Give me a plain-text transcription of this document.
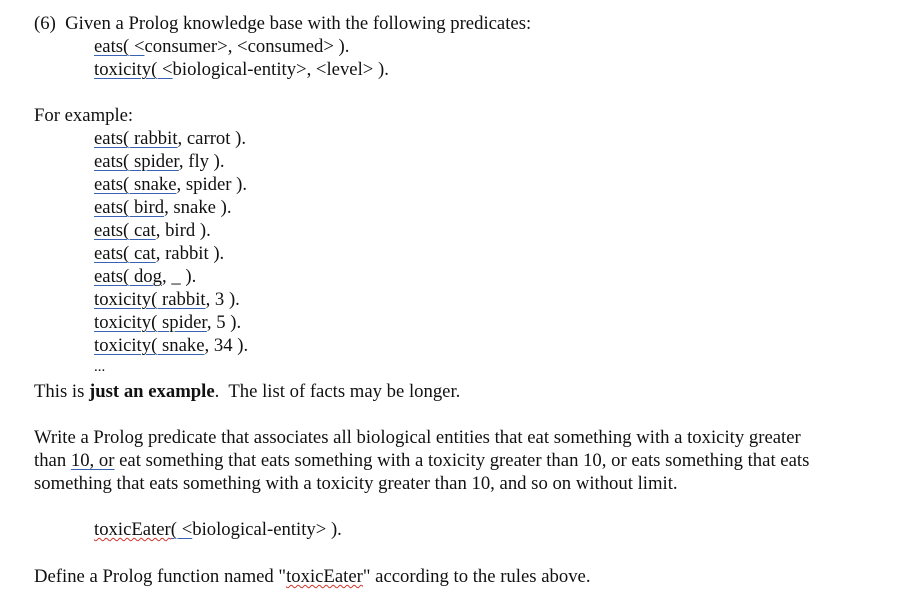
(6) Given a Prolog knowledge base with the following predicates:
eats( <consumer>, <consumed> ).
toxicity( <biological-entity>, <level> ).
For example:
eats( rabbit, carrot ).
eats( spider, fly ).
eats( snake, spider ).
eats( bird, snake ).
eats( cat, bird ).
eats( cat, rabbit ).
eats( dog, _ ).
toxicity( rabbit, 3 ).
toxicity( spider, 5 ).
toxicity( snake, 34 ).
...
This is just an example.  The list of facts may be longer.
Write a Prolog predicate that associates all biological entities that eat something with a toxicity greater
than 10, or eat something that eats something with a toxicity greater than 10, or eats something that eats
something that eats something with a toxicity greater than 10, and so on without limit.
toxicEater( <biological-entity> ).
Define a Prolog function named "toxicEater" according to the rules above.
